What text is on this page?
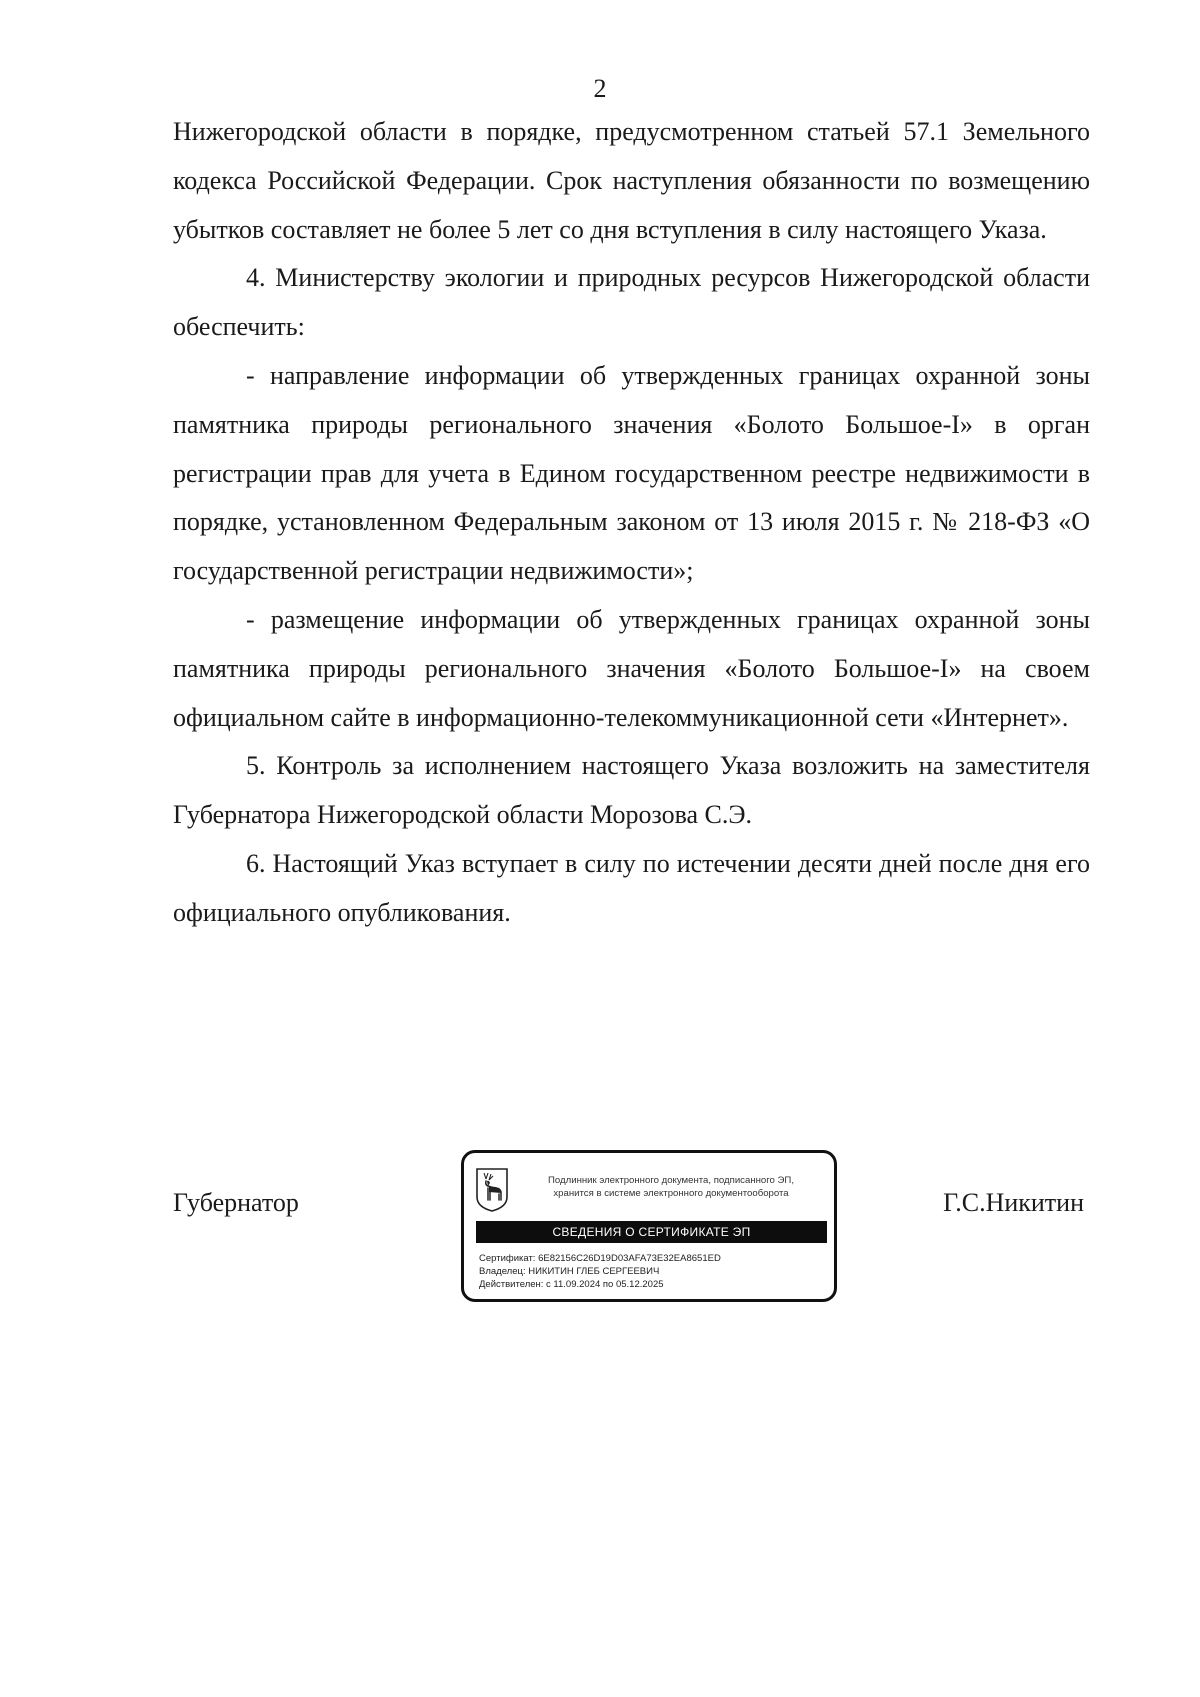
2

Нижегородской области в порядке, предусмотренном статьей 57.1 Земельного кодекса Российской Федерации. Срок наступления обязанности по возмещению убытков составляет не более 5 лет со дня вступления в силу настоящего Указа.

4. Министерству экологии и природных ресурсов Нижегородской области обеспечить:

- направление информации об утвержденных границах охранной зоны памятника природы регионального значения «Болото Большое-I» в орган регистрации прав для учета в Едином государственном реестре недвижимости в порядке, установленном Федеральным законом от 13 июля 2015 г. № 218-ФЗ «О государственной регистрации недвижимости»;

- размещение информации об утвержденных границах охранной зоны памятника природы регионального значения «Болото Большое-I» на своем официальном сайте в информационно-телекоммуникационной сети «Интернет».

5. Контроль за исполнением настоящего Указа возложить на заместителя Губернатора Нижегородской области Морозова С.Э.

6. Настоящий Указ вступает в силу по истечении десяти дней после дня его официального опубликования.

Губернатор
Подлинник электронного документа, подписанного ЭП,
хранится в системе электронного документооборота
СВЕДЕНИЯ О СЕРТИФИКАТЕ ЭП
Сертификат: 6E82156C26D19D03AFA73E32EA8651ED
Владелец: НИКИТИН ГЛЕБ СЕРГЕЕВИЧ
Действителен: с 11.09.2024 по 05.12.2025
Г.С.Никитин
